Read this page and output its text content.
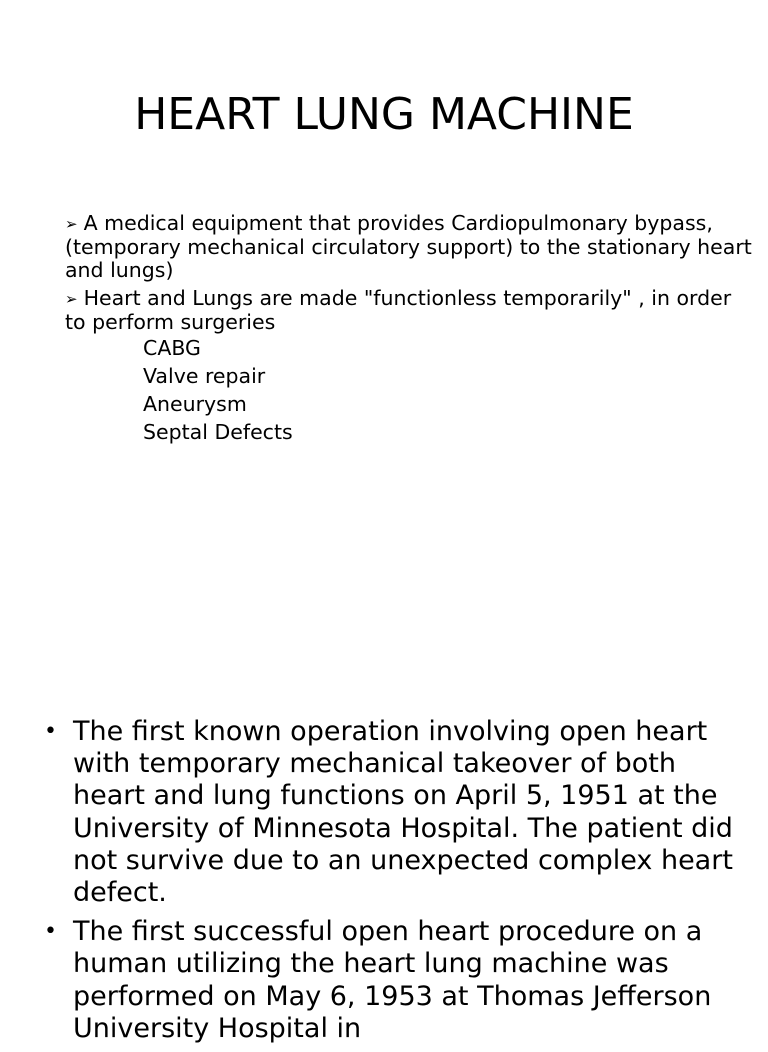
HEART LUNG MACHINE
➢ A medical equipment that provides Cardiopulmonary bypass, (temporary mechanical circulatory support) to the stationary heart and lungs)
➢ Heart and Lungs are made "functionless temporarily" , in order to perform surgeries
CABG
Valve repair
Aneurysm
Septal Defects
• The first known operation involving open heart with temporary mechanical takeover of both heart and lung functions on April 5, 1951 at the University of Minnesota Hospital. The patient did not survive due to an unexpected complex heart defect.
• The first successful open heart procedure on a human utilizing the heart lung machine was performed on May 6, 1953 at Thomas Jefferson University Hospital in
